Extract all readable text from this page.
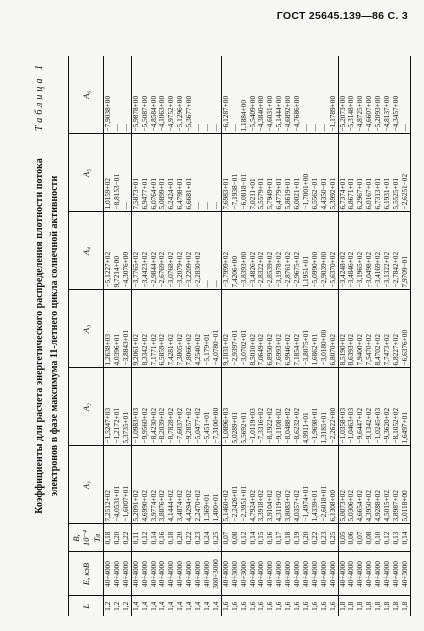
ГОСТ 25645.139—86 С. 3
Таблица 1
Коэффициенты для расчета энергетического распределения плотности потока электронов в фазе максимума 11-летнего цикла солнечной активности
L	E, кэВ	B, 10⁻⁴ Тл	A₁	A₂	A₃	A₄	A₅	A₆
1,2	40÷4000	0,18	7,2512+02	−1,5247+03	1,2638+03	−5,1227+02	1,0159+02	−7,9038+00
1,2	40÷4000	0,20	−4,0531+01	−1,2172+01	4,0396+01	9,7214+00	−8,8153−01	—
1,2	40÷4000	0,22	−1,6007+01	5,3735+01	−3,8843+01	−4,3076+00	—	—
1,4	40÷4000	0,11	5,2091+02	−1,0983+03	9,2061+02	−3,7765+02	7,5873+01	−5,9878+00
1,4	40÷4000	0,12	4,6990+02	−9,9560+02	8,3342+02	−3,4423+02	6,9477+01	−5,5087+00
1,4	40÷4000	0,14	3,9774+02	−8,4230+02	7,1771+02	−2,9844+02	6,0764+01	−4,8584+00
1,4	40÷4000	0,16	3,8876+02	−8,2039+02	6,5859+02	−2,6769+02	5,0899+01	−4,1063+00
1,4	40÷4000	0,18	4,1444+02	−8,7828+02	7,4281+02	−3,0768+02	6,2424+01	−4,9752+00
1,4	40÷4000	0,20	3,4874+02	−7,6037+02	7,3805+02	−3,2079+02	6,4798+01	−5,1296+00
1,4	40÷4000	0,22	4,4294+02	−9,2857+02	7,8066+02	−3,2209+02	6,6681+01	−5,3677+00
1,4	40÷4000	0,23	2,2470+02	−5,0477+02	4,2540+02	−2,2830+02	—	—
1,4	40÷4000	0,24	1,369+01	−5,451+01	−5,179+01	—	—	—
1,4	300÷3000	0,25	1,400+01	−7,3100+00	−4,0780−01	—	—	—
1,6	40÷4000	0,07	5,1460+02	−1,0896+03	9,1031+02	−3,7999+02	7,6983+01	−6,1287+00
1,6	40÷3000	0,08	−2,2426+01	5,0289+01	−2,9397+01	7,4206+00	−7,1938−01	—
1,6	40÷3000	0,12	−2,3951+01	5,5692+01	−3,0702+01	−3,8393+00	−6,0818−01	1,1884+00
1,6	40÷4000	0,14	4,7924+02	−1,0119+03	8,5010+02	−3,4826+02	7,0211+01	−5,5409+00
1,6	40÷4000	0,15	3,3918+02	−7,3316+02	7,0649+02	−2,8322+02	5,5579+01	−4,3840+00
1,6	40÷4000	0,16	3,9104+02	−8,1922+02	6,8950+02	−2,8539+02	5,7949+01	−4,6031+00
1,6	40÷4000	0,17	4,3119+02	−9,1108+02	7,6993+02	−3,1978+02	6,4779+01	−5,1444+00
1,6	40÷4000	0,18	3,8083+02	−8,0488+02	6,9946+02	−2,8761+02	5,8619+01	−4,6892+00
1,6	40÷4000	0,19	4,0357+02	−8,6232+02	7,1854+02	−2,9675+02	6,0021+01	−4,7686+00
1,6	40÷4000	0,20	−1,4974+01	4,9911+01	−3,8075+01	1,1951+01	−1,7001+00	—
1,6	40÷4000	0,22	1,4339+01	−1,9698+01	1,6862+01	−5,0990+00	6,5562−01	—
1,6	40÷4000	0,23	−2,6018+01	1,3185+01	−3,0180+00	−2,9039+00	4,4350−01	—
1,6	40÷4000	0,25	6,1308+00	−2,2622+00	6,8070+02	−5,6370+02	5,3992+01	−1,1789+00
1,8	40÷4000	0,05	5,0073+02	−1,0358+03	8,5190+02	−3,4248+02	6,7374+01	−5,2073+00
1,8	40÷4000	0,06	5,0306+02	−1,0463+03	8,6393+02	−3,4846+02	6,8671+01	−5,3148+00
1,8	40÷4000	0,07	4,6654+02	−9,6447+02	7,9400+02	−3,1965+02	6,2967+01	−4,8725+00
1,8	40÷4000	0,08	4,3950+02	−9,1342+02	7,5470+02	−3,0498+02	6,0167+01	−4,6607+00
1,8	40÷4000	0,10	4,9288+02	−1,0245+03	8,4702+02	−3,4169+02	6,7313+01	−5,2093+00
1,8	40÷4000	0,12	4,5015+02	−9,3620+02	7,7473+02	−3,1322+02	6,1931+01	−4,8137+00
1,8	40÷4000	0,13	3,8987+02	−8,1052+02	6,8227+02	−2,7842+02	5,5525+01	−4,3457+00
1,8	40÷3000	0,14	5,0118+00	1,6497+01	−6,6376+00	7,9709−01	−2,6251−02	—
